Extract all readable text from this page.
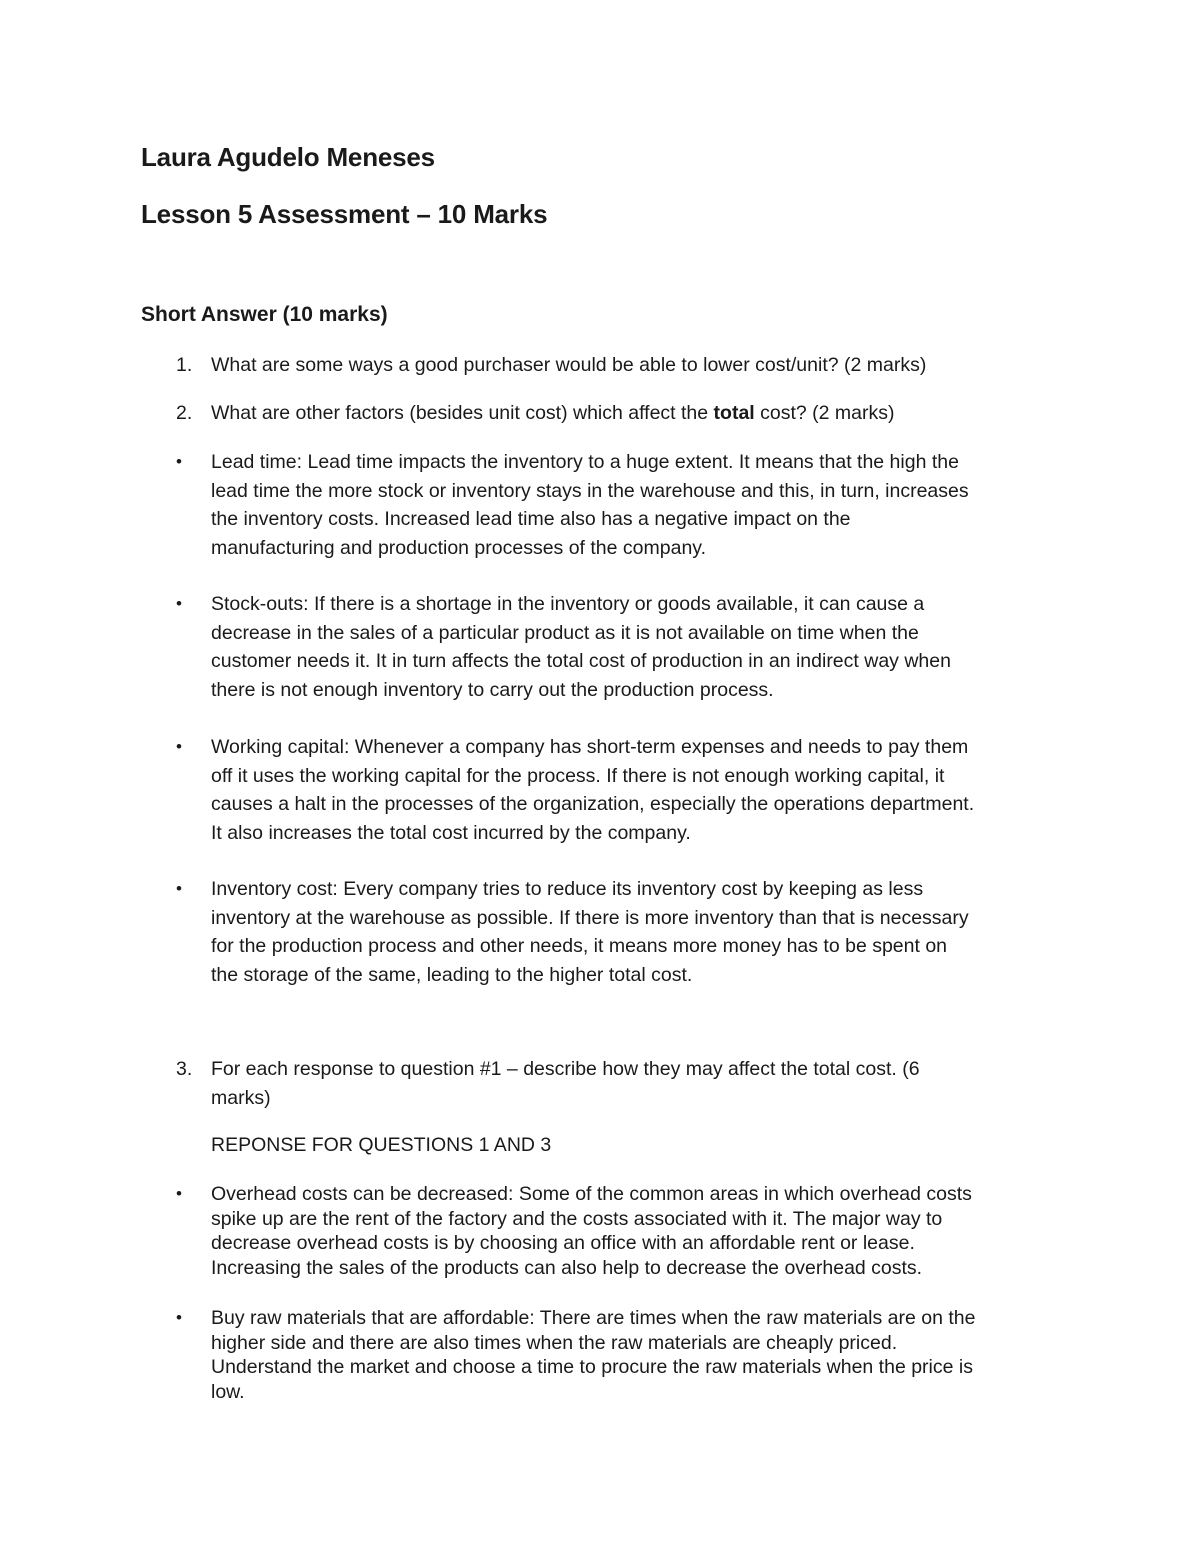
Laura Agudelo Meneses
Lesson 5 Assessment – 10 Marks
Short Answer (10 marks)
1. What are some ways a good purchaser would be able to lower cost/unit? (2 marks)
2. What are other factors (besides unit cost) which affect the total cost? (2 marks)
• Lead time: Lead time impacts the inventory to a huge extent. It means that the high the
lead time the more stock or inventory stays in the warehouse and this, in turn, increases
the inventory costs. Increased lead time also has a negative impact on the
manufacturing and production processes of the company.
• Stock-outs: If there is a shortage in the inventory or goods available, it can cause a
decrease in the sales of a particular product as it is not available on time when the
customer needs it. It in turn affects the total cost of production in an indirect way when
there is not enough inventory to carry out the production process.
• Working capital: Whenever a company has short-term expenses and needs to pay them
off it uses the working capital for the process. If there is not enough working capital, it
causes a halt in the processes of the organization, especially the operations department.
It also increases the total cost incurred by the company.
• Inventory cost: Every company tries to reduce its inventory cost by keeping as less
inventory at the warehouse as possible. If there is more inventory than that is necessary
for the production process and other needs, it means more money has to be spent on
the storage of the same, leading to the higher total cost.
3. For each response to question #1 – describe how they may affect the total cost. (6
marks)
REPONSE FOR QUESTIONS 1 AND 3
• Overhead costs can be decreased: Some of the common areas in which overhead costs
spike up are the rent of the factory and the costs associated with it. The major way to
decrease overhead costs is by choosing an office with an affordable rent or lease.
Increasing the sales of the products can also help to decrease the overhead costs.
• Buy raw materials that are affordable: There are times when the raw materials are on the
higher side and there are also times when the raw materials are cheaply priced.
Understand the market and choose a time to procure the raw materials when the price is
low.
